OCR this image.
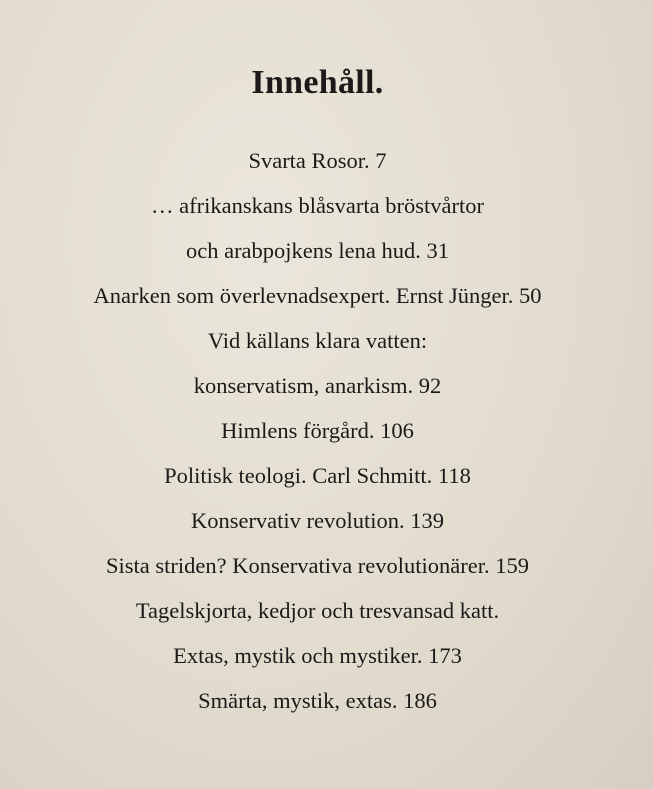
Innehåll.
Svarta Rosor. 7
… afrikanskans blåsvarta bröstvårtor
och arabpojkens lena hud. 31
Anarken som överlevnadsexpert. Ernst Jünger. 50
Vid källans klara vatten:
konservatism, anarkism. 92
Himlens förgård. 106
Politisk teologi. Carl Schmitt. 118
Konservativ revolution. 139
Sista striden? Konservativa revolutionärer. 159
Tagelskjorta, kedjor och tresvansad katt.
Extas, mystik och mystiker. 173
Smärta, mystik, extas. 186
